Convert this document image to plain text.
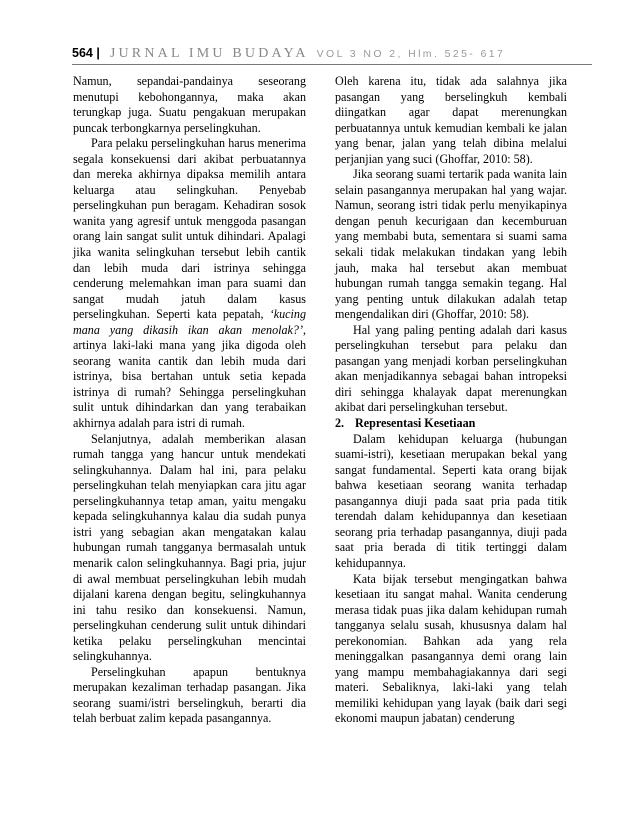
564 | JURNAL IMU BUDAYA VOL 3 NO 2, Hlm. 525- 617

Namun, sepandai-pandainya seseorang menutupi kebohongannya, maka akan terungkap juga. Suatu pengakuan merupakan puncak terbongkarnya perselingkuhan.

Para pelaku perselingkuhan harus menerima segala konsekuensi dari akibat perbuatannya dan mereka akhirnya dipaksa memilih antara keluarga atau selingkuhan. Penyebab perselingkuhan pun beragam. Kehadiran sosok wanita yang agresif untuk menggoda pasangan orang lain sangat sulit untuk dihindari. Apalagi jika wanita selingkuhan tersebut lebih cantik dan lebih muda dari istrinya sehingga cenderung melemahkan iman para suami dan sangat mudah jatuh dalam kasus perselingkuhan. Seperti kata pepatah, ‘kucing mana yang dikasih ikan akan menolak?’, artinya laki-laki mana yang jika digoda oleh seorang wanita cantik dan lebih muda dari istrinya, bisa bertahan untuk setia kepada istrinya di rumah? Sehingga perselingkuhan sulit untuk dihindarkan dan yang terabaikan akhirnya adalah para istri di rumah.

Selanjutnya, adalah memberikan alasan rumah tangga yang hancur untuk mendekati selingkuhannya. Dalam hal ini, para pelaku perselingkuhan telah menyiapkan cara jitu agar perselingkuhannya tetap aman, yaitu mengaku kepada selingkuhannya kalau dia sudah punya istri yang sebagian akan mengatakan kalau hubungan rumah tangganya bermasalah untuk menarik calon selingkuhannya. Bagi pria, jujur di awal membuat perselingkuhan lebih mudah dijalani karena dengan begitu, selingkuhannya ini tahu resiko dan konsekuensi. Namun, perselingkuhan cenderung sulit untuk dihindari ketika pelaku perselingkuhan mencintai selingkuhannya.

Perselingkuhan apapun bentuknya merupakan kezaliman terhadap pasangan. Jika seorang suami/istri berselingkuh, berarti dia telah berbuat zalim kepada pasangannya.

Oleh karena itu, tidak ada salahnya jika pasangan yang berselingkuh kembali diingatkan agar dapat merenungkan perbuatannya untuk kemudian kembali ke jalan yang benar, jalan yang telah dibina melalui perjanjian yang suci (Ghoffar, 2010: 58).

Jika seorang suami tertarik pada wanita lain selain pasangannya merupakan hal yang wajar. Namun, seorang istri tidak perlu menyikapinya dengan penuh kecurigaan dan kecemburuan yang membabi buta, sementara si suami sama sekali tidak melakukan tindakan yang lebih jauh, maka hal tersebut akan membuat hubungan rumah tangga semakin tegang. Hal yang penting untuk dilakukan adalah tetap mengendalikan diri (Ghoffar, 2010: 58).

Hal yang paling penting adalah dari kasus perselingkuhan tersebut para pelaku dan pasangan yang menjadi korban perselingkuhan akan menjadikannya sebagai bahan intropeksi diri sehingga khalayak dapat merenungkan akibat dari perselingkuhan tersebut.

2. Representasi Kesetiaan

Dalam kehidupan keluarga (hubungan suami-istri), kesetiaan merupakan bekal yang sangat fundamental. Seperti kata orang bijak bahwa kesetiaan seorang wanita terhadap pasangannya diuji pada saat pria pada titik terendah dalam kehidupannya dan kesetiaan seorang pria terhadap pasangannya, diuji pada saat pria berada di titik tertinggi dalam kehidupannya.

Kata bijak tersebut mengingatkan bahwa kesetiaan itu sangat mahal. Wanita cenderung merasa tidak puas jika dalam kehidupan rumah tangganya selalu susah, khususnya dalam hal perekonomian. Bahkan ada yang rela meninggalkan pasangannya demi orang lain yang mampu membahagiakannya dari segi materi. Sebaliknya, laki-laki yang telah memiliki kehidupan yang layak (baik dari segi ekonomi maupun jabatan) cenderung
